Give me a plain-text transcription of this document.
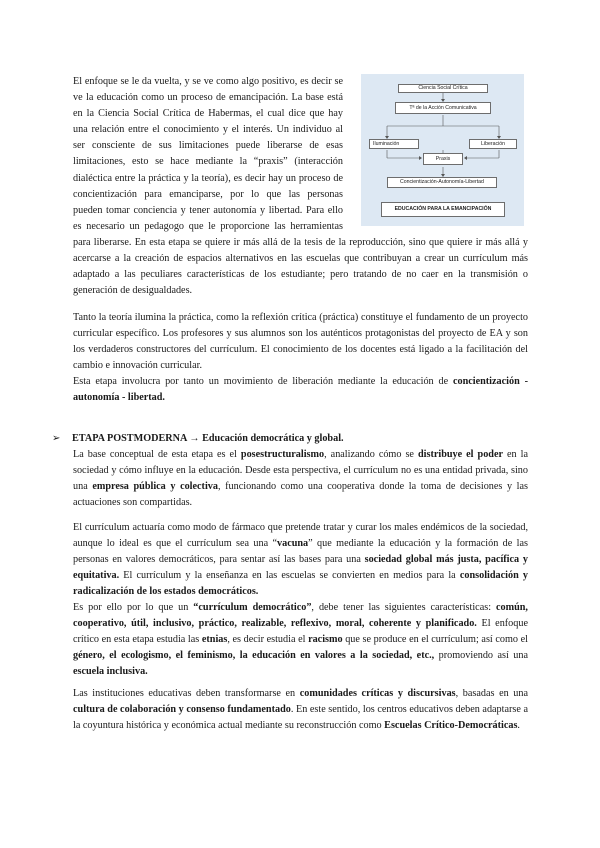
El enfoque se le da vuelta, y se ve como algo positivo, es decir se

ve la educación como un proceso de emancipación. La base está

en la Ciencia Social Crítica de Habermas, el cual dice que hay

una relación entre el conocimiento y el interés. Un individuo al

ser consciente de sus limitaciones puede liberarse de esas

limitaciones, esto se hace mediante la “praxis” (interacción

dialéctica entre la práctica y la teoría), es decir hay un proceso de

concientización para emanciparse, por lo que las personas

pueden tomar conciencia y tener autonomía y libertad. Para ello

es necesario un pedagogo que le proporcione las herramientas

Ciencia Social Crítica
Tª de la Acción Comunicativa
Iluminación	Liberación
Praxis
Concientización-Autonomía-Libertad
EDUCACIÓN PARA LA EMANCIPACIÓN

para liberarse. En esta etapa se quiere ir más allá de la tesis de la reproducción, sino que quiere ir más allá y acercarse a la creación de espacios alternativos en las escuelas que contribuyan a crear un currículum más adaptado a las peculiares características de los estudiante; pero tratando de no caer en la transmisión o generación de desigualdades.

Tanto la teoría ilumina la práctica, como la reflexión crítica (práctica) constituye el fundamento de un proyecto curricular específico. Los profesores y sus alumnos son los auténticos protagonistas del proyecto de EA y son los verdaderos constructores del currículum. El conocimiento de los docentes está ligado a la facilitación del cambio e innovación curricular.

Esta etapa involucra por tanto un movimiento de liberación mediante la educación de concientización - autonomía - libertad.

➢ ETAPA POSTMODERNA → Educación democrática y global.

La base conceptual de esta etapa es el posestructuralismo, analizando cómo se distribuye el poder en la sociedad y cómo influye en la educación. Desde esta perspectiva, el currículum no es una entidad privada, sino una empresa pública y colectiva, funcionando como una cooperativa donde la toma de decisiones y las actuaciones son compartidas.

El currículum actuaría como modo de fármaco que pretende tratar y curar los males endémicos de la sociedad, aunque lo ideal es que el currículum sea una “vacuna” que mediante la educación y la formación de las personas en valores democráticos, para sentar así las bases para una sociedad global más justa, pacífica y equitativa. El currículum y la enseñanza en las escuelas se convierten en medios para la consolidación y radicalización de los estados democráticos.

Es por ello por lo que un “currículum democrático”, debe tener las siguientes características: común, cooperativo, útil, inclusivo, práctico, realizable, reflexivo, moral, coherente y planificado. El enfoque crítico en esta etapa estudia las etnias, es decir estudia el racismo que se produce en el currículum; así como el género, el ecologismo, el feminismo, la educación en valores a la sociedad, etc., promoviendo así una escuela inclusiva.

Las instituciones educativas deben transformarse en comunidades críticas y discursivas, basadas en una cultura de colaboración y consenso fundamentado. En este sentido, los centros educativos deben adaptarse a la coyuntura histórica y económica actual mediante su reconstrucción como Escuelas Crítico-Democráticas.
